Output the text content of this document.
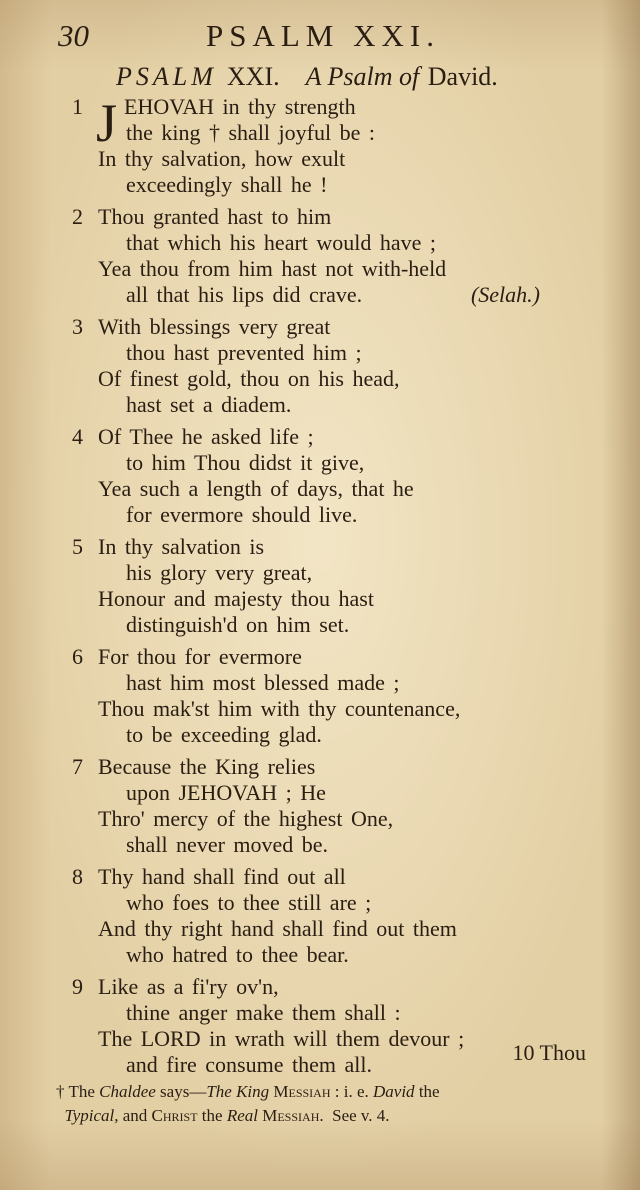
30	PSALM XXI.
PSALM XXI. A Psalm of David.
1 J EHOVAH in thy strength
the king † shall joyful be :
In thy salvation, how exult
exceedingly shall he !
2 Thou granted hast to him
that which his heart would have ;
Yea thou from him hast not with-held
all that his lips did crave.	(Selah.)
3 With blessings very great
thou hast prevented him ;
Of finest gold, thou on his head,
hast set a diadem.
4 Of Thee he asked life ;
to him Thou didst it give,
Yea such a length of days, that he
for evermore should live.
5 In thy salvation is
his glory very great,
Honour and majesty thou hast
distinguish'd on him set.
6 For thou for evermore
hast him most blessed made ;
Thou mak'st him with thy countenance,
to be exceeding glad.
7 Because the King relies
upon JEHOVAH ; He
Thro' mercy of the highest One,
shall never moved be.
8 Thy hand shall find out all
who foes to thee still are ;
And thy right hand shall find out them
who hatred to thee bear.
9 Like as a fi'ry ov'n,
thine anger make them shall :
The LORD in wrath will them devour ;
and fire consume them all.	10 Thou
† The Chaldee says—The King Messiah : i. e. David the
Typical, and Christ the Real Messiah. See v. 4.
